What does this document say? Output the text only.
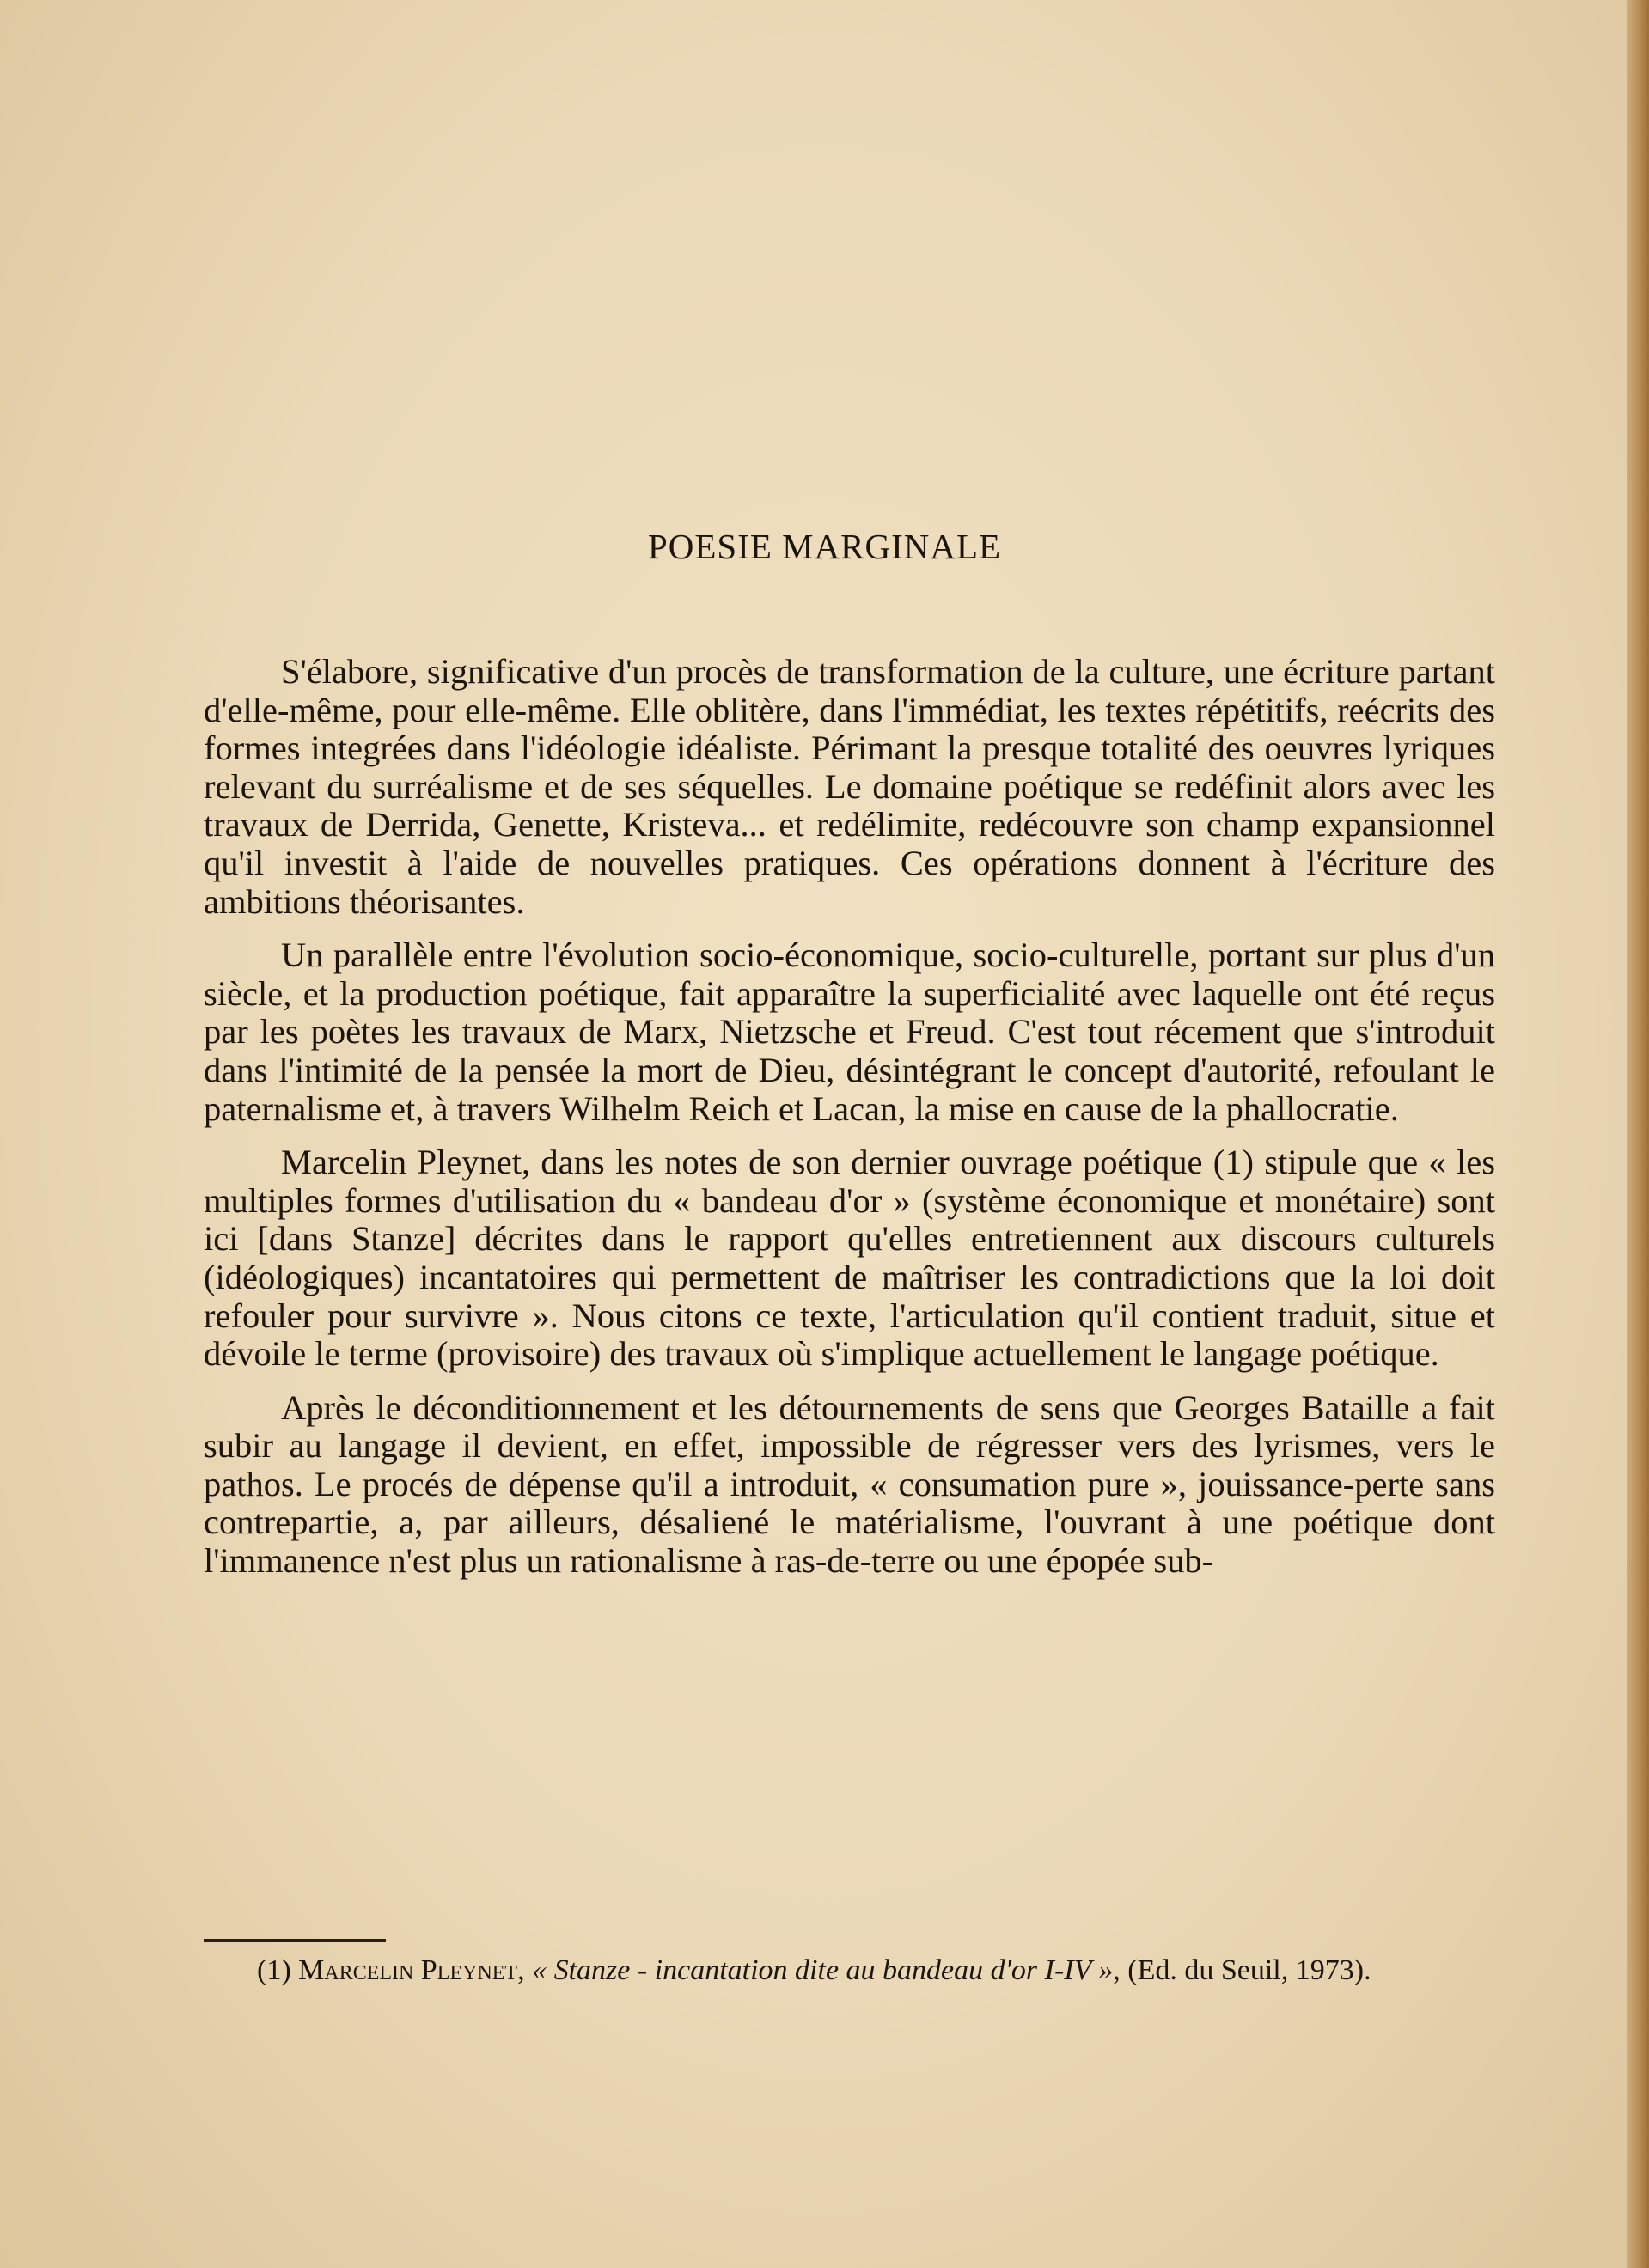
POESIE MARGINALE

S'élabore, significative d'un procès de transformation de la culture, une écriture partant d'elle-même, pour elle-même. Elle oblitère, dans l'immédiat, les textes répétitifs, reécrits des formes integrées dans l'idéologie idéaliste. Périmant la presque totalité des oeuvres lyriques relevant du surréalisme et de ses séquelles. Le domaine poétique se redéfinit alors avec les travaux de Derrida, Genette, Kristeva... et redélimite, redécouvre son champ expansionnel qu'il investit à l'aide de nouvelles pratiques. Ces opérations donnent à l'écriture des ambitions théorisantes.

Un parallèle entre l'évolution socio-économique, socio-culturelle, portant sur plus d'un siècle, et la production poétique, fait apparaître la superficialité avec laquelle ont été reçus par les poètes les travaux de Marx, Nietzsche et Freud. C'est tout récement que s'introduit dans l'intimité de la pensée la mort de Dieu, désintégrant le concept d'autorité, refoulant le paternalisme et, à travers Wilhelm Reich et Lacan, la mise en cause de la phallocratie.

Marcelin Pleynet, dans les notes de son dernier ouvrage poétique (1) stipule que « les multiples formes d'utilisation du « bandeau d'or » (système économique et monétaire) sont ici [dans Stanze] décrites dans le rapport qu'elles entretiennent aux discours culturels (idéologiques) incantatoires qui permettent de maîtriser les contradictions que la loi doit refouler pour survivre ». Nous citons ce texte, l'articulation qu'il contient traduit, situe et dévoile le terme (provisoire) des travaux où s'implique actuellement le langage poétique.

Après le déconditionnement et les détournements de sens que Georges Bataille a fait subir au langage il devient, en effet, impossible de régresser vers des lyrismes, vers le pathos. Le procés de dépense qu'il a introduit, « consumation pure », jouissance-perte sans contrepartie, a, par ailleurs, désaliené le matérialisme, l'ouvrant à une poétique dont l'immanence n'est plus un rationalisme à ras-de-terre ou une épopée sub-

(1) Marcelin Pleynet, « Stanze - incantation dite au bandeau d'or I-IV », (Ed. du Seuil, 1973).
